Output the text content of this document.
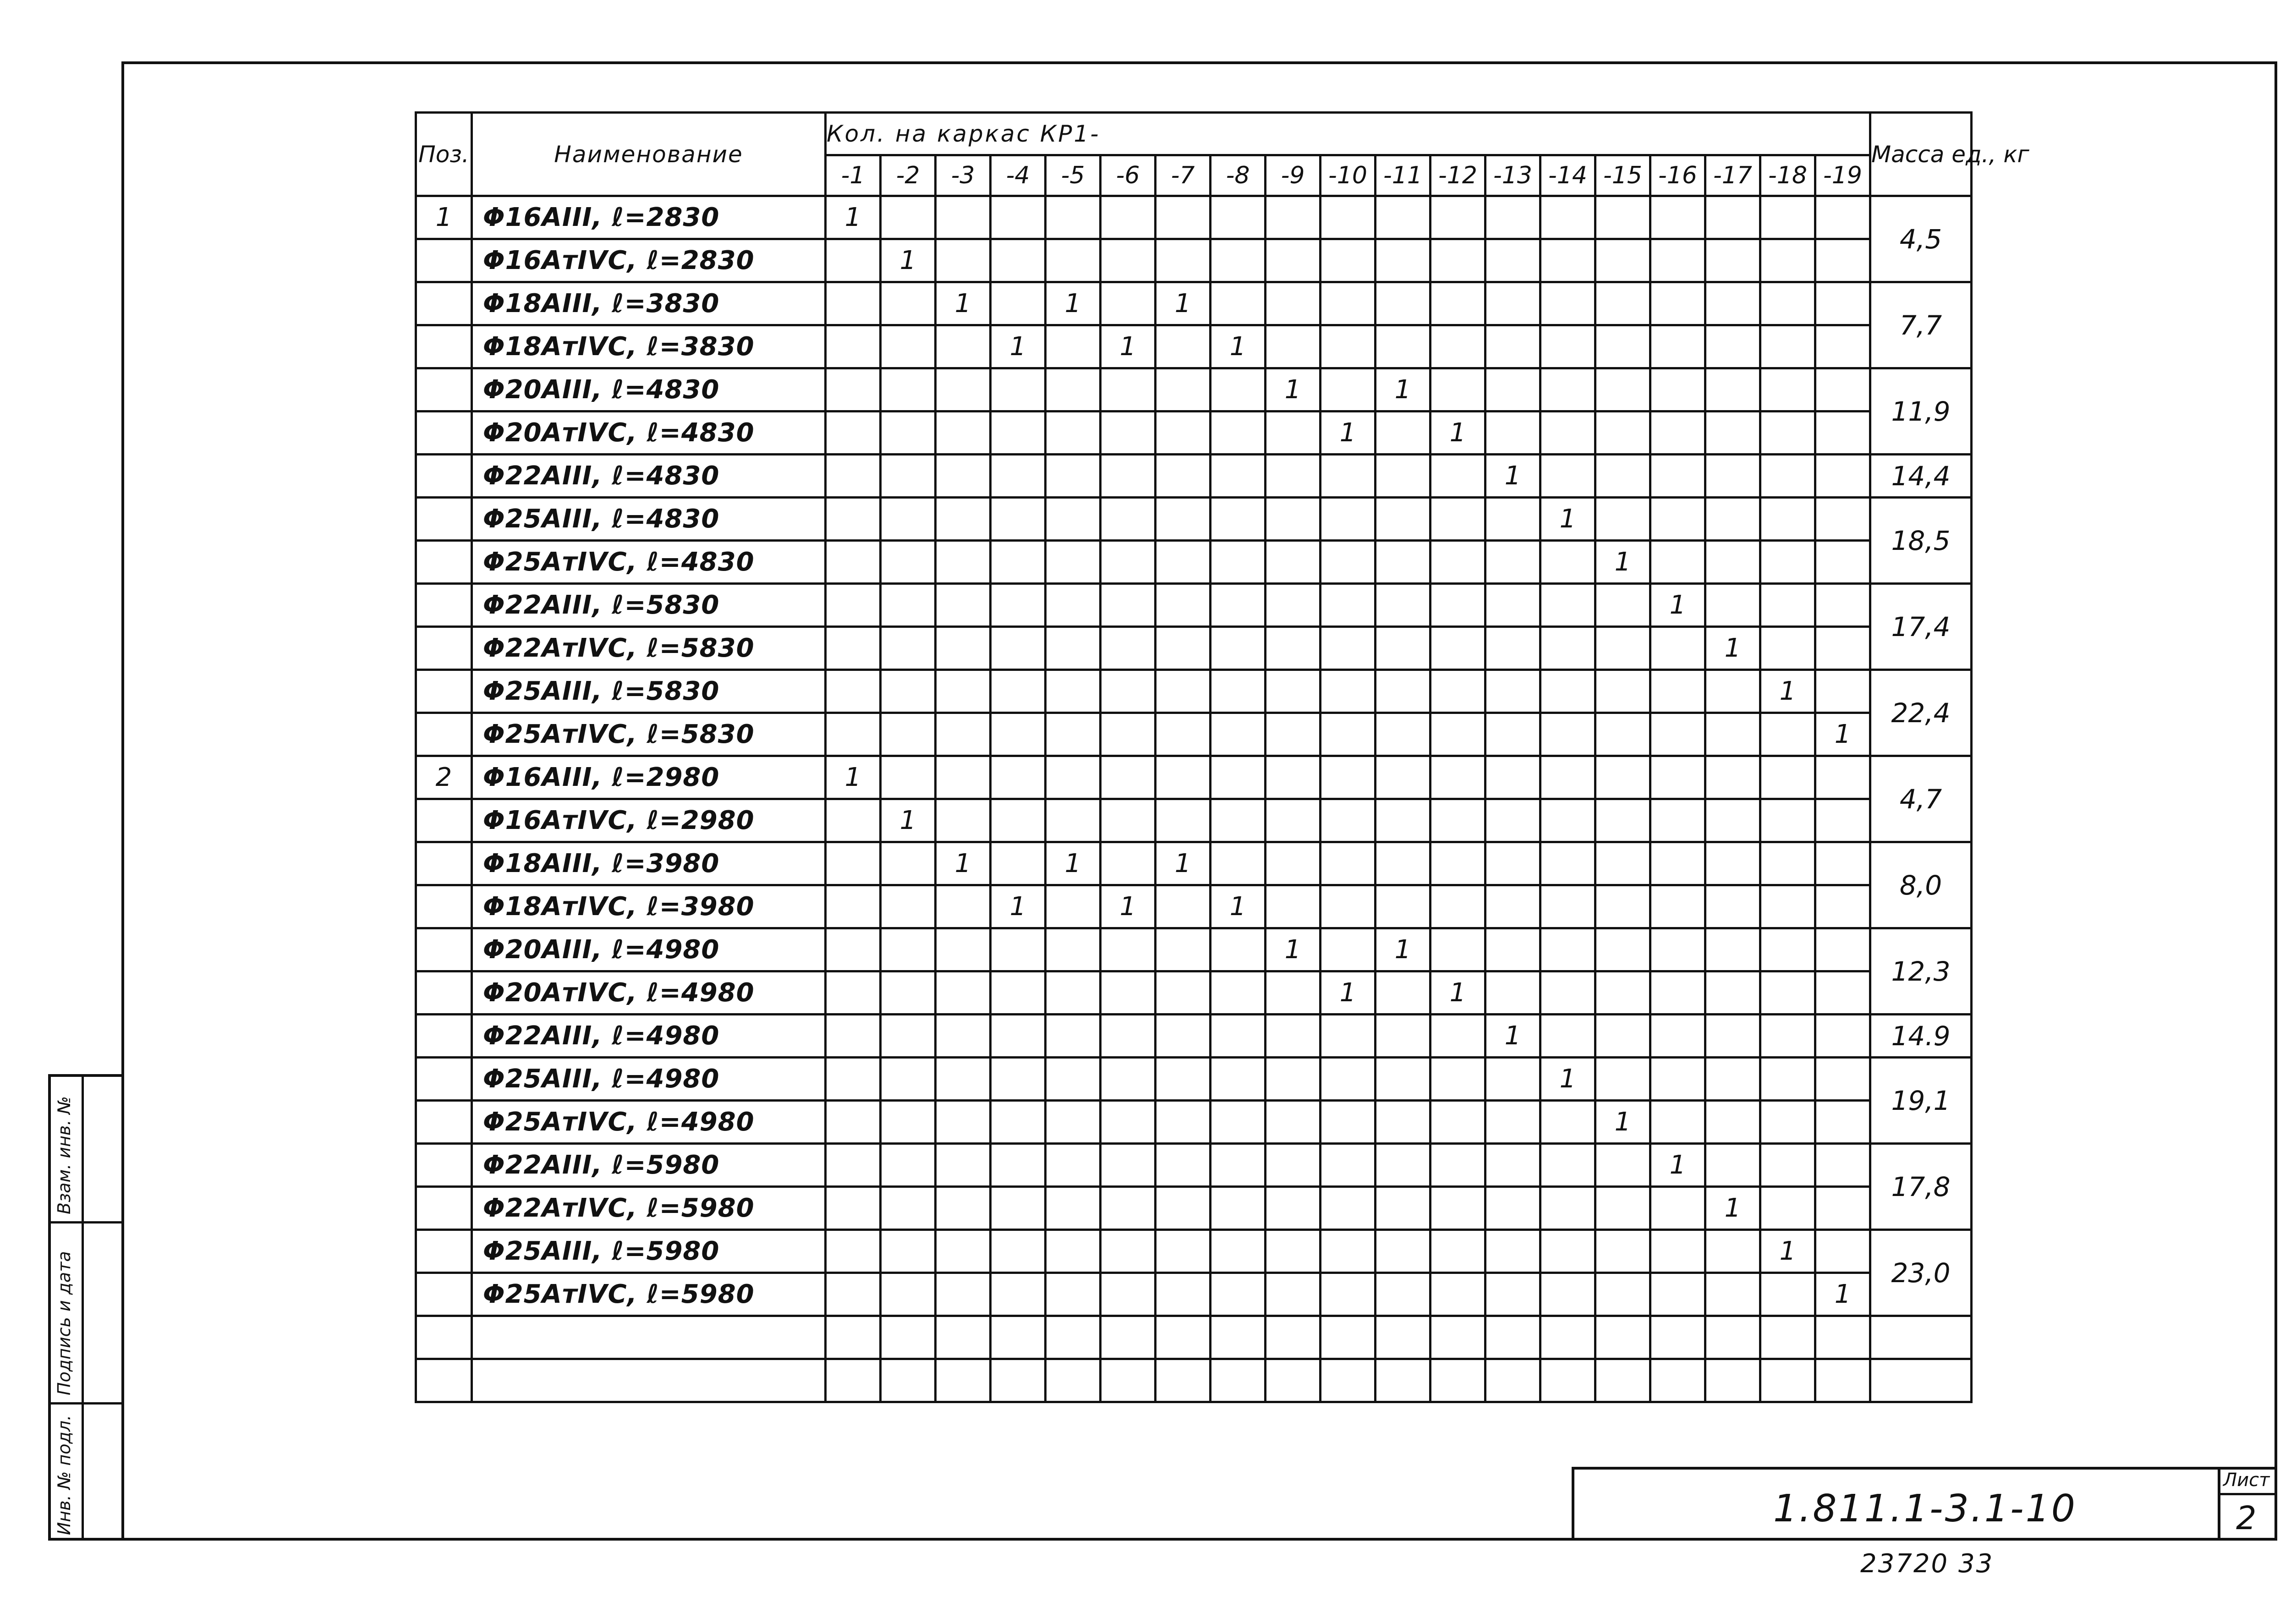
Взам. инв. №
Подпись и дата
Инв. № подл.
Поз.	Наименование	Кол. на каркас КР1-																			Масса ед., кг
		-1	-2	-3	-4	-5	-6	-7	-8	-9	-10	-11	-12	-13	-14	-15	-16	-17	-18	-19	
1	Φ16AIII, ℓ=2830	1																			4,5
	Φ16AтIVC, ℓ=2830		1																		
	Φ18AIII, ℓ=3830			1		1		1													7,7
	Φ18AтIVC, ℓ=3830				1		1		1												
	Φ20AIII, ℓ=4830									1		1									11,9
	Φ20AтIVC, ℓ=4830										1		1								
	Φ22AIII, ℓ=4830													1							14,4
	Φ25AIII, ℓ=4830														1						18,5
	Φ25AтIVC, ℓ=4830															1					
	Φ22AIII, ℓ=5830																1				17,4
	Φ22AтIVC, ℓ=5830																	1			
	Φ25AIII, ℓ=5830																		1		22,4
	Φ25AтIVC, ℓ=5830																			1	
2	Φ16AIII, ℓ=2980	1																			4,7
	Φ16AтIVC, ℓ=2980		1																		
	Φ18AIII, ℓ=3980			1		1		1													8,0
	Φ18AтIVC, ℓ=3980				1		1		1												
	Φ20AIII, ℓ=4980									1		1									12,3
	Φ20AтIVC, ℓ=4980										1		1								
	Φ22AIII, ℓ=4980													1							14.9
	Φ25AIII, ℓ=4980														1						19,1
	Φ25AтIVC, ℓ=4980															1					
	Φ22AIII, ℓ=5980																1				17,8
	Φ22AтIVC, ℓ=5980																	1			
	Φ25AIII, ℓ=5980																		1		23,0
	Φ25AтIVC, ℓ=5980																			1	

1.811.1-3.1-10
Лист
2
23720 33
